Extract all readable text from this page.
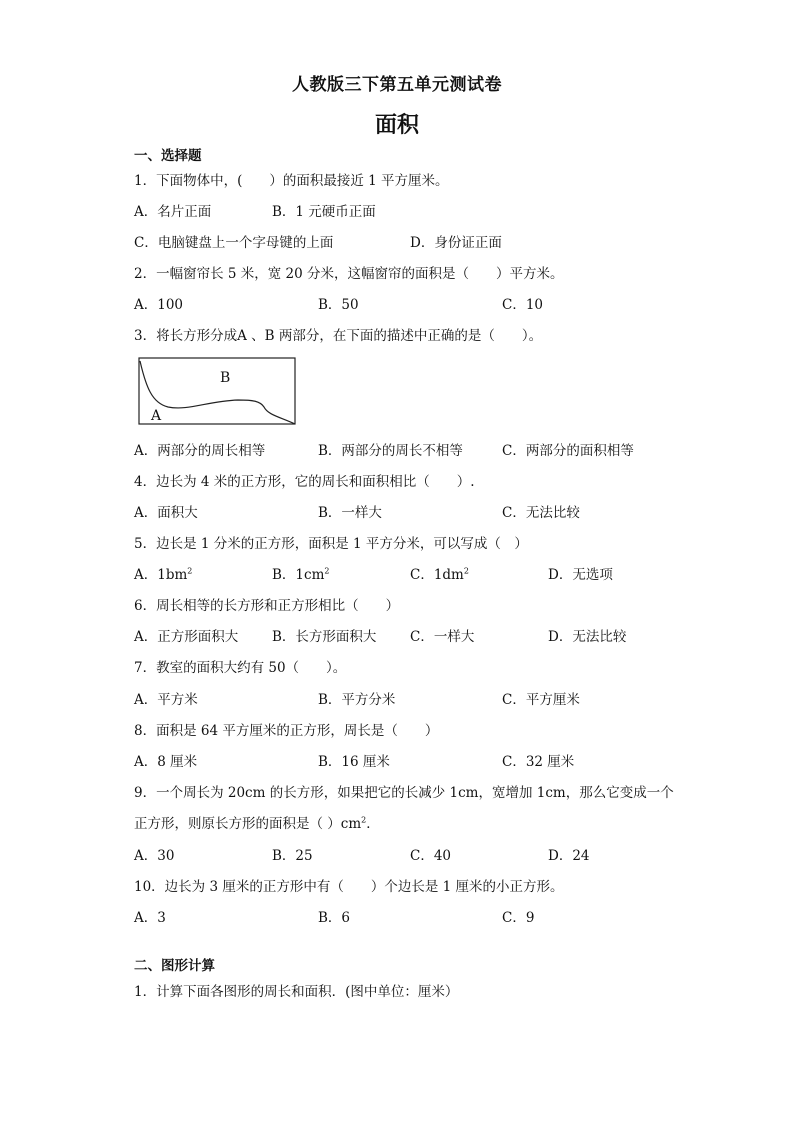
人教版三下第五单元测试卷
面积
一、选择题
1．下面物体中，(　　）的面积最接近 1 平方厘米。
A．名片正面	B．1 元硬币正面
C．电脑键盘上一个字母键的上面	D．身份证正面
2．一幅窗帘长 5 米，宽 20 分米，这幅窗帘的面积是（　　）平方米。
A．100	B．50	C．10
3．将长方形分成A 、B 两部分，在下面的描述中正确的是（　　）。
B
A
A．两部分的周长相等	B．两部分的周长不相等	C．两部分的面积相等
4．边长为 4 米的正方形，它的周长和面积相比（　　）.
A．面积大	B．一样大	C．无法比较
5．边长是 1 分米的正方形，面积是 1 平方分米，可以写成（　）
A．$1bm^2$	B．$1cm^2$	C．$1dm^2$	D．无选项
6．周长相等的长方形和正方形相比（　　）
A．正方形面积大	B．长方形面积大 C．一样大	D．无法比较
7．教室的面积大约有 50（　　）。
A．平方米	B．平方分米	C．平方厘米
8．面积是 64 平方厘米的正方形，周长是（　　）
A．8 厘米	B．16 厘米	C．32 厘米
9．一个周长为 20cm 的长方形，如果把它的长减少 1cm，宽增加 1cm，那么它变成一个
正方形，则原长方形的面积是（ ）$cm^2$．
A．30	B．25	C．40	D．24
10．边长为 3 厘米的正方形中有（　　）个边长是 1 厘米的小正方形。
A．3	B．6	C．9
二、图形计算
1．计算下面各图形的周长和面积．(图中单位：厘米）
